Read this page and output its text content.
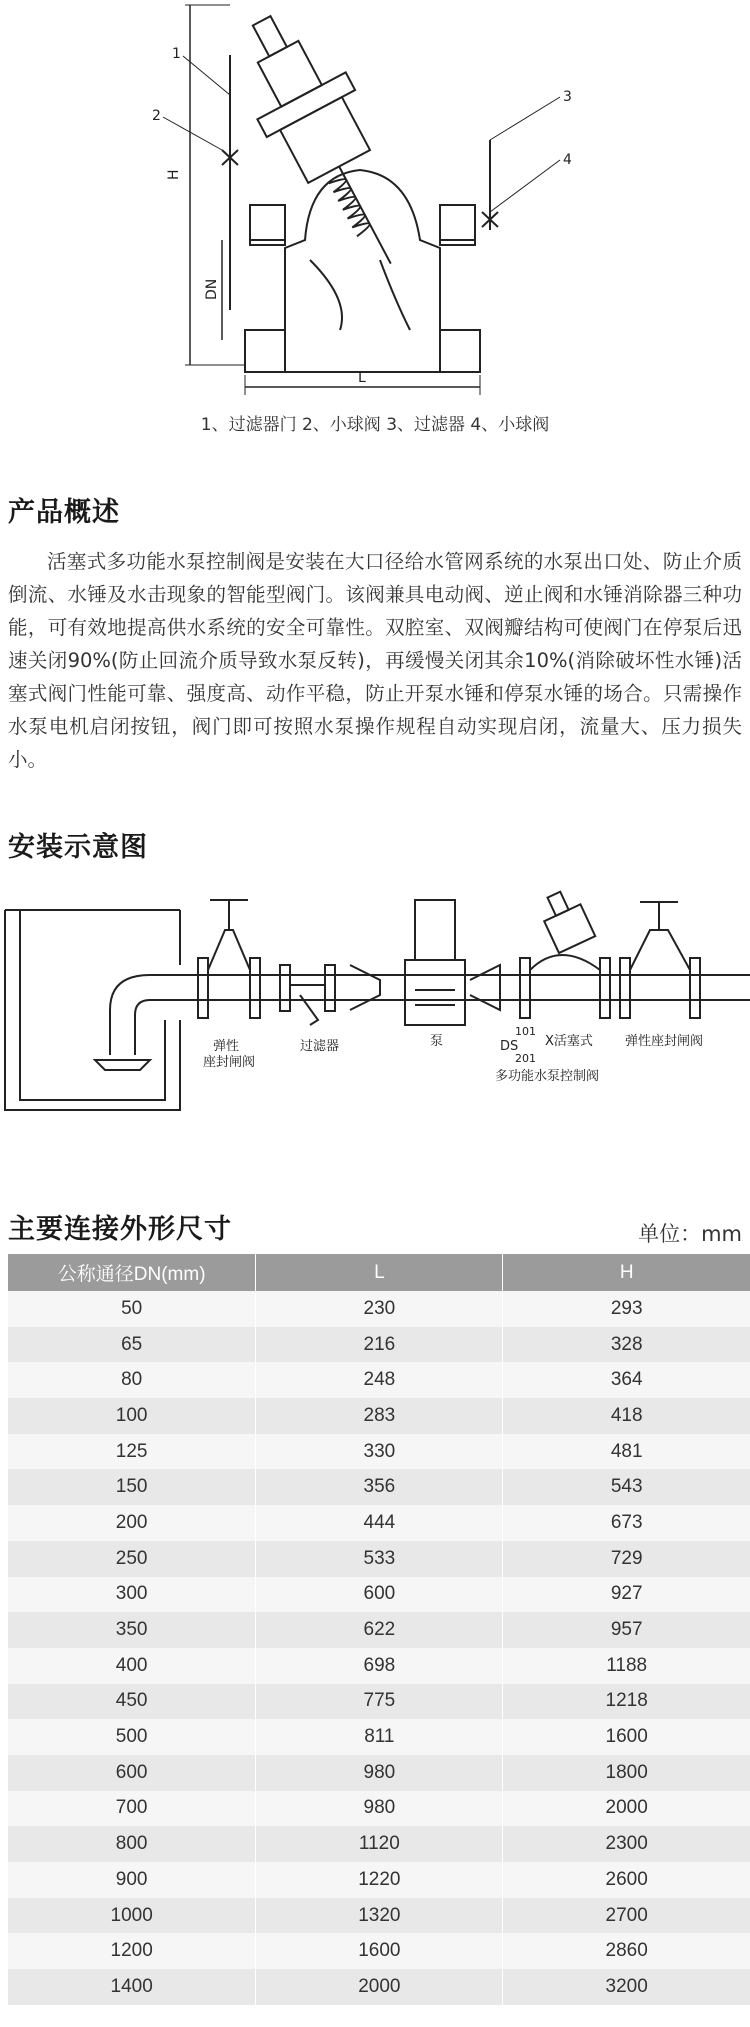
1
2
3
4
H
DN
L
1、过滤器门 2、小球阀 3、过滤器 4、小球阀
产品概述
活塞式多功能水泵控制阀是安装在大口径给水管网系统的水泵出口处、防止介质倒流、水锤及水击现象的智能型阀门。该阀兼具电动阀、逆止阀和水锤消除器三种功能，可有效地提高供水系统的安全可靠性。双腔室、双阀瓣结构可使阀门在停泵后迅速关闭90%(防止回流介质导致水泵反转)，再缓慢关闭其余10%(消除破坏性水锤)活塞式阀门性能可靠、强度高、动作平稳，防止开泵水锤和停泵水锤的场合。只需操作水泵电机启闭按钮，阀门即可按照水泵操作规程自动实现启闭，流量大、压力损失小。
安装示意图
弹性
座封闸阀
过滤器	泵	DS
101
201
X活塞式
多功能水泵控制阀
弹性座封闸阀
主要连接外形尺寸	单位：mm
公称通径DN(mm)	L	H
50	230	293
65	216	328
80	248	364
100	283	418
125	330	481
150	356	543
200	444	673
250	533	729
300	600	927
350	622	957
400	698	1188
450	775	1218
500	811	1600
600	980	1800
700	980	2000
800	1120	2300
900	1220	2600
1000	1320	2700
1200	1600	2860
1400	2000	3200
